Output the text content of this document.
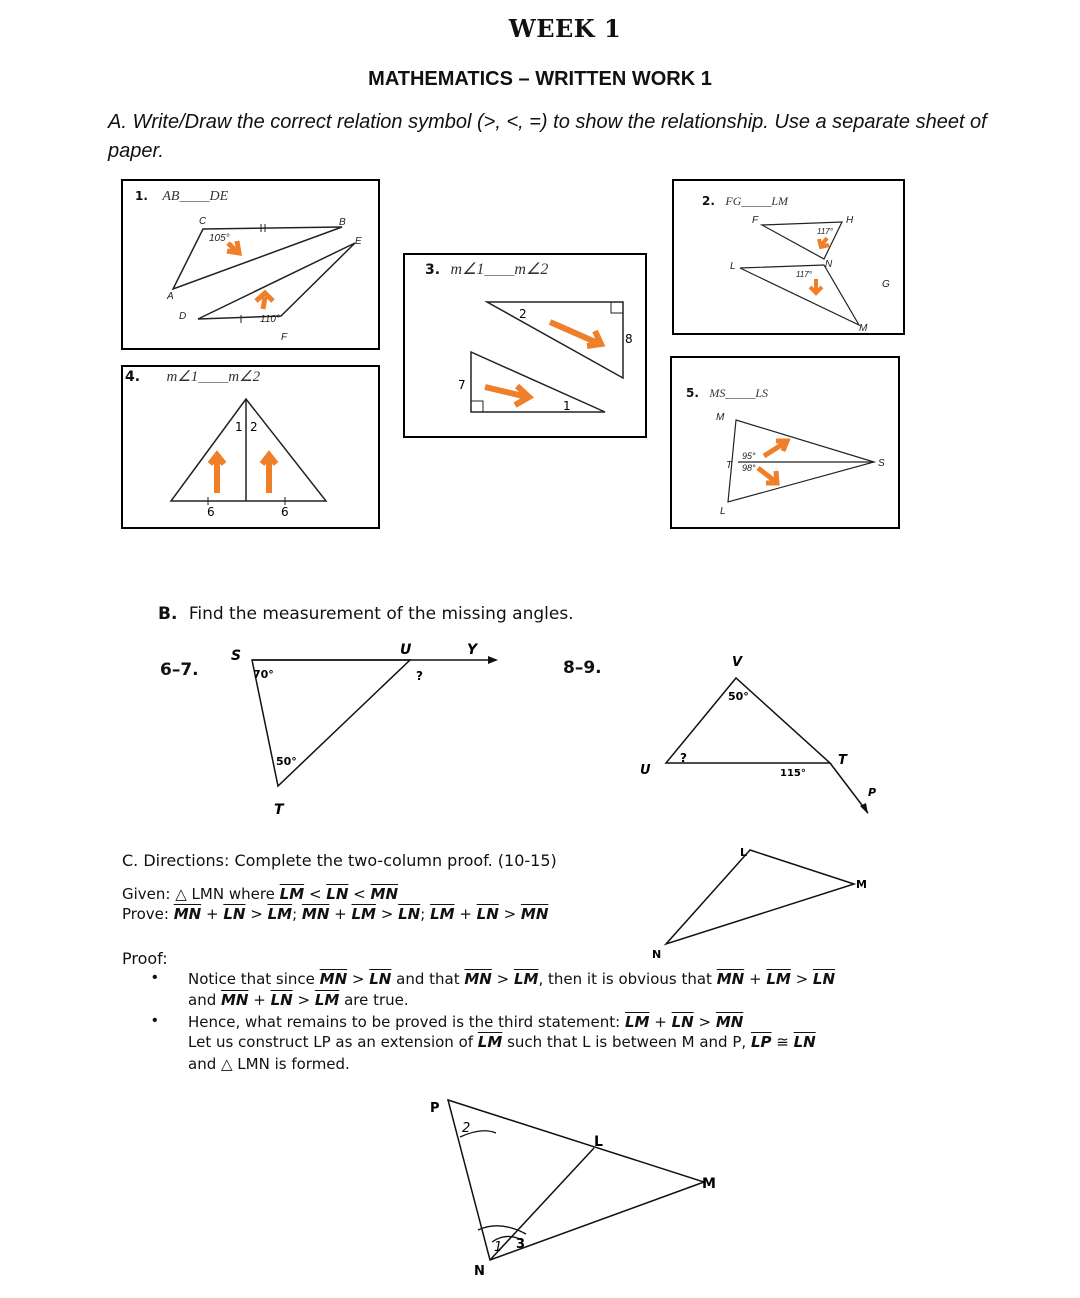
WEEK 1
MATHEMATICS – WRITTEN WORK 1
A. Write/Draw the correct relation symbol (>, <, =) to show the relationship. Use a separate sheet of paper.
1. AB_____DE
C	B
E
A
D
F
105°
110°
2. FG_____LM
F	H
L	N
G
M
117°
117°
3. m∠1_____m∠2
2
8
7
1
4. m∠1_____m∠2
1 2
6	6
5. MS_____LS
M
T	S
L
95°
98°
B. Find the measurement of the missing angles.
6–7.	8–9.
S	U	Y
T
70°
50°
?
V
U
T
P
50°
115°
?
C. Directions: Complete the two-column proof. (10-15)
Given: △ LMN where $\overline{LM} < \overline{LN} < \overline{MN}$
Prove: $\overline{MN} + \overline{LN} > \overline{LM}$; $\overline{MN} + \overline{LM} > \overline{LN}$; $\overline{LM} + \overline{LN} > \overline{MN}$
L
M
N
Proof:
• Notice that since $\overline{MN} > \overline{LN}$ and that $\overline{MN} > \overline{LM}$, then it is obvious that $\overline{MN} + \overline{LM} > \overline{LN}$
and $\overline{MN} + \overline{LN} > \overline{LM}$ are true.
• Hence, what remains to be proved is the third statement: $\overline{LM} + \overline{LN} > \overline{MN}$
Let us construct LP as an extension of $\overline{LM}$ such that L is between M and P, $\overline{LP}$ ≅ $\overline{LN}$
and △ LMN is formed.
P
2
L
M
1 3
N
